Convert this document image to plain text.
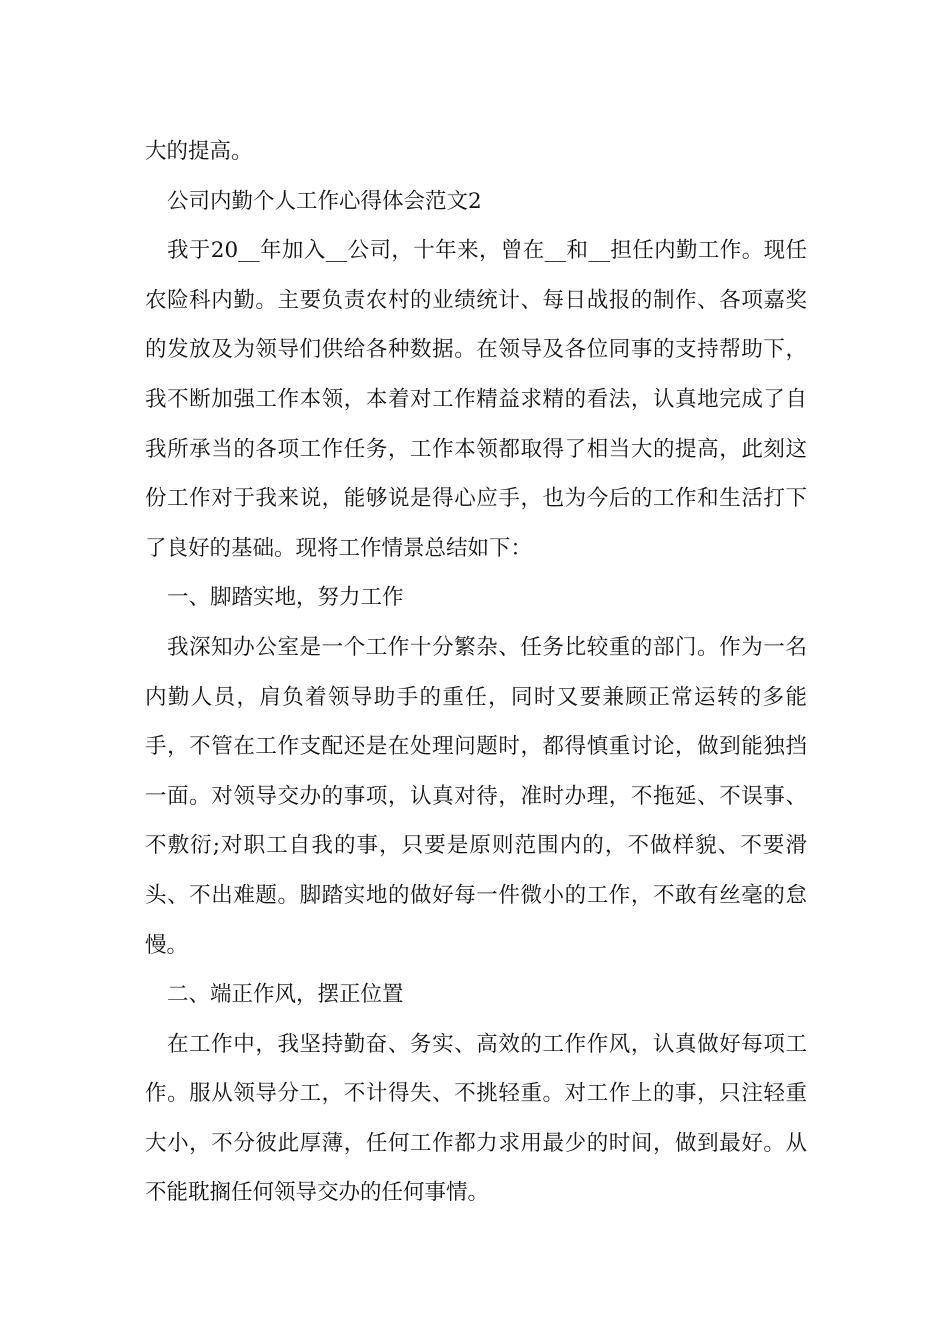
大的提高。

公司内勤个人工作心得体会范文2

我于20__年加入__公司，十年来，曾在__和__担任内勤工作。现任农险科内勤。主要负责农村的业绩统计、每日战报的制作、各项嘉奖的发放及为领导们供给各种数据。在领导及各位同事的支持帮助下，我不断加强工作本领，本着对工作精益求精的看法，认真地完成了自我所承当的各项工作任务，工作本领都取得了相当大的提高，此刻这份工作对于我来说，能够说是得心应手，也为今后的工作和生活打下了良好的基础。现将工作情景总结如下：

一、脚踏实地，努力工作

我深知办公室是一个工作十分繁杂、任务比较重的部门。作为一名内勤人员，肩负着领导助手的重任，同时又要兼顾正常运转的多能手，不管在工作支配还是在处理问题时，都得慎重讨论，做到能独挡一面。对领导交办的事项，认真对待，准时办理，不拖延、不误事、不敷衍;对职工自我的事，只要是原则范围内的，不做样貌、不要滑头、不出难题。脚踏实地的做好每一件微小的工作，不敢有丝毫的怠慢。

二、端正作风，摆正位置

在工作中，我坚持勤奋、务实、高效的工作作风，认真做好每项工作。服从领导分工，不计得失、不挑轻重。对工作上的事，只注轻重大小，不分彼此厚薄，任何工作都力求用最少的时间，做到最好。从不能耽搁任何领导交办的任何事情。
